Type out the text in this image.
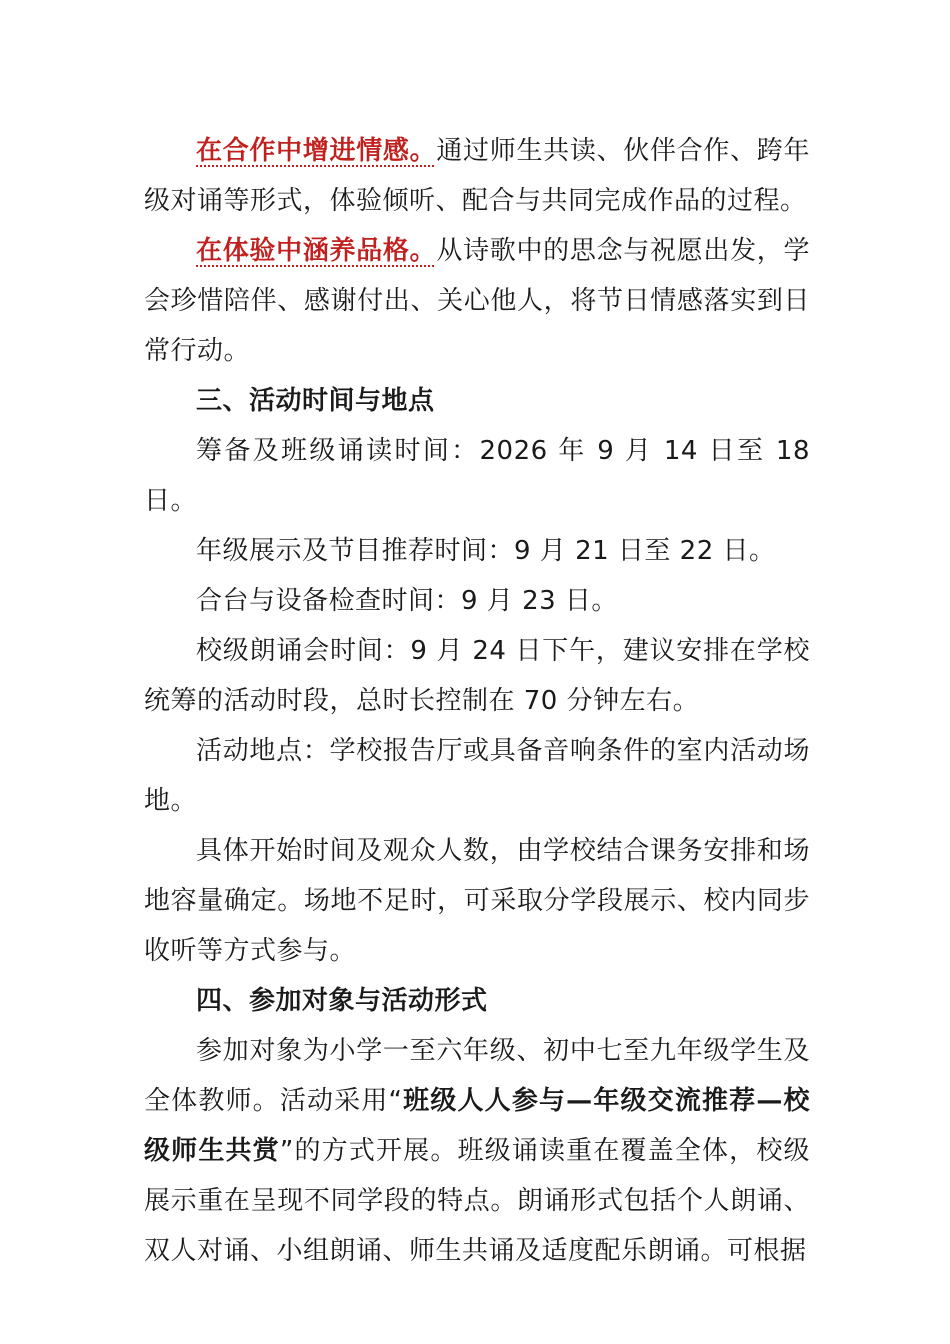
在合作中增进情感。通过师生共读、伙伴合作、跨年级对诵等形式，体验倾听、配合与共同完成作品的过程。

在体验中涵养品格。从诗歌中的思念与祝愿出发，学会珍惜陪伴、感谢付出、关心他人，将节日情感落实到日常行动。

三、活动时间与地点

筹备及班级诵读时间：2026 年 9 月 14 日至 18 日。

年级展示及节目推荐时间：9 月 21 日至 22 日。

合台与设备检查时间：9 月 23 日。

校级朗诵会时间：9 月 24 日下午，建议安排在学校统筹的活动时段，总时长控制在 70 分钟左右。

活动地点：学校报告厅或具备音响条件的室内活动场地。

具体开始时间及观众人数，由学校结合课务安排和场地容量确定。场地不足时，可采取分学段展示、校内同步收听等方式参与。

四、参加对象与活动形式

参加对象为小学一至六年级、初中七至九年级学生及全体教师。活动采用“班级人人参与—年级交流推荐—校级师生共赏”的方式开展。班级诵读重在覆盖全体，校级展示重在呈现不同学段的特点。朗诵形式包括个人朗诵、双人对诵、小组朗诵、师生共诵及适度配乐朗诵。可根据
